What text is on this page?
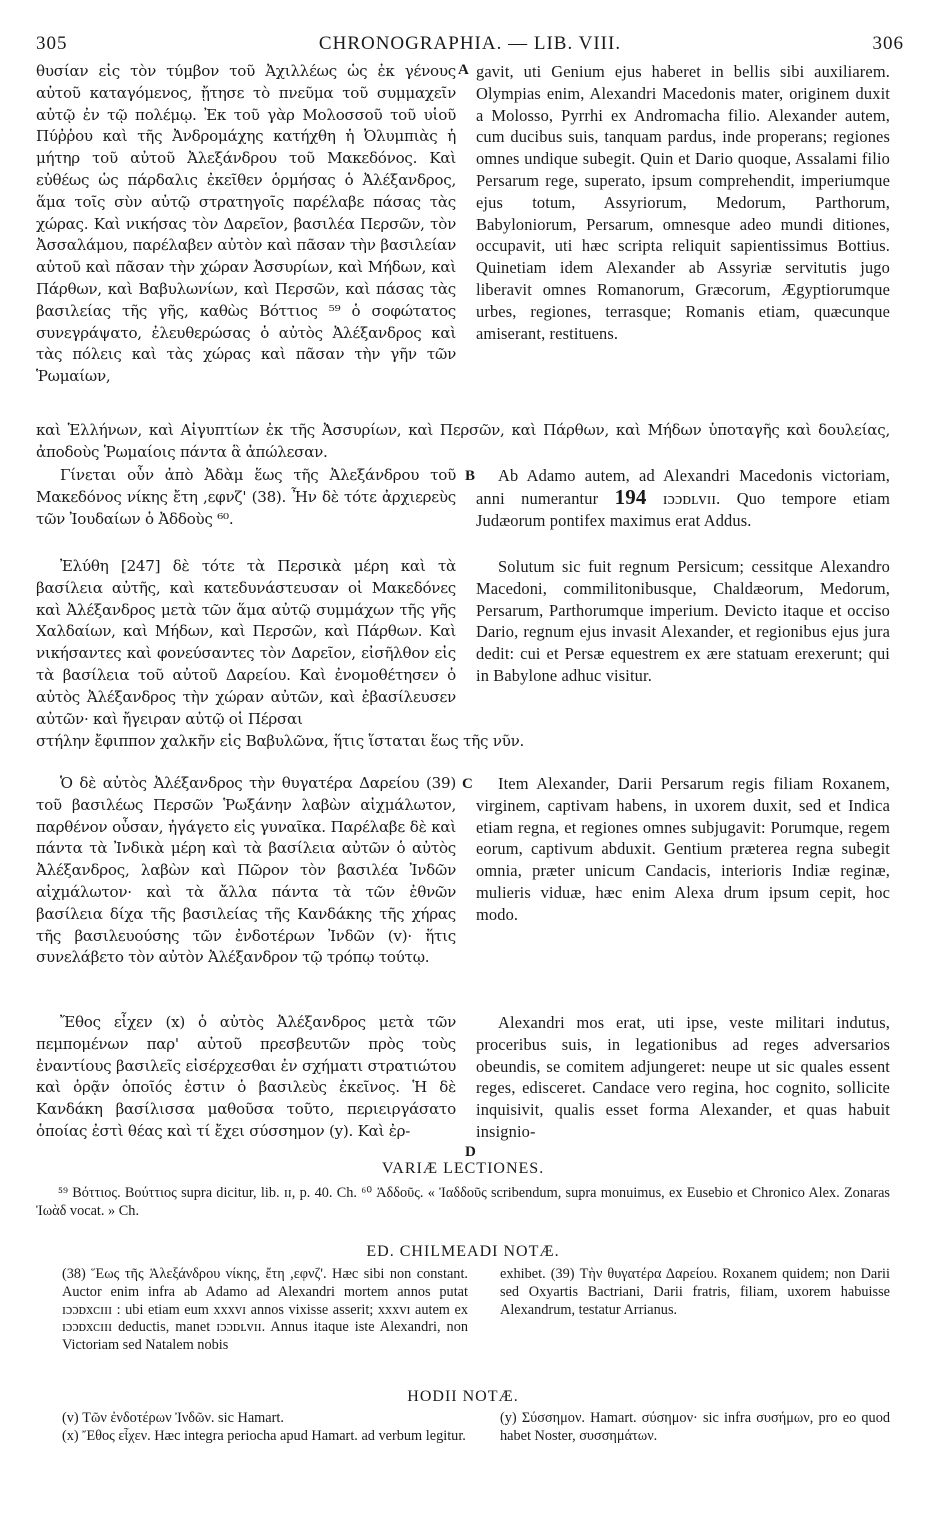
305	CHRONOGRAPHIA. — LIB. VIII.	306
θυσίαν εἰς τὸν τύμβον τοῦ Ἀχιλλέως ὡς ἐκ γένους αὐτοῦ καταγόμενος, ᾔτησε τὸ πνεῦμα τοῦ συμμαχεῖν αὐτῷ ἐν τῷ πολέμῳ. Ἐκ τοῦ γὰρ Μολοσσοῦ τοῦ υἱοῦ Πύῤῥου καὶ τῆς Ἀνδρομάχης κατήχθη ἡ Ὀλυμπιὰς ἡ μήτηρ τοῦ αὐτοῦ Ἀλεξάνδρου τοῦ Μακεδόνος. Καὶ εὐθέως ὡς πάρδαλις ἐκεῖθεν ὁρμήσας ὁ Ἀλέξανδρος, ἅμα τοῖς σὺν αὐτῷ στρατηγοῖς παρέλαβε πάσας τὰς χώρας. Καὶ νικήσας τὸν Δαρεῖον, βασιλέα Περσῶν, τὸν Ἀσσαλάμου, παρέλαβεν αὐτὸν καὶ πᾶσαν τὴν βασιλείαν αὐτοῦ καὶ πᾶσαν τὴν χώραν Ἀσσυρίων, καὶ Μήδων, καὶ Πάρθων, καὶ Βαβυλωνίων, καὶ Περσῶν, καὶ πάσας τὰς βασιλείας τῆς γῆς, καθὼς Βόττιος ⁵⁹ ὁ σοφώτατος συνεγράψατο, ἐλευθερώσας ὁ αὐτὸς Ἀλέξανδρος καὶ τὰς πόλεις καὶ τὰς χώρας καὶ πᾶσαν τὴν γῆν τῶν Ῥωμαίων,
A gavit, uti Genium ejus haberet in bellis sibi auxiliarem. Olympias enim, Alexandri Macedonis mater, originem duxit a Molosso, Pyrrhi ex Andromacha filio. Alexander autem, cum ducibus suis, tanquam pardus, inde properans; regiones omnes undique subegit. Quin et Dario quoque, Assalami filio Persarum rege, superato, ipsum comprehendit, imperiumque ejus totum, Assyriorum, Medorum, Parthorum, Babyloniorum, Persarum, omnesque adeo mundi ditiones, occupavit, uti hæc scripta reliquit sapientissimus Bottius. Quinetiam idem Alexander ab Assyriæ servitutis jugo liberavit omnes Romanorum, Græcorum, Ægyptiorumque urbes, regiones, terrasque; Romanis etiam, quæcunque amiserant, restituens.
καὶ Ἑλλήνων, καὶ Αἰγυπτίων ἐκ τῆς Ἀσσυρίων, καὶ Περσῶν, καὶ Πάρθων, καὶ Μήδων ὑποταγῆς καὶ δουλείας, ἀποδοὺς Ῥωμαίοις πάντα ἃ ἀπώλεσαν.
Γίνεται οὖν ἀπὸ Ἀδὰμ ἕως τῆς Ἀλεξάνδρου τοῦ Μακεδόνος νίκης ἔτη ,εφνζ' (38). Ἦν δὲ τότε ἀρχιερεὺς τῶν Ἰουδαίων ὁ Ἀδδοὺς ⁶⁰.
B	Ab Adamo autem, ad Alexandri Macedonis victoriam, anni numerantur 194 ɪɔɔᴅʟᴠɪɪ. Quo tempore etiam Judæorum pontifex maximus erat Addus.
Ἐλύθη [247] δὲ τότε τὰ Περσικὰ μέρη καὶ τὰ βασίλεια αὐτῆς, καὶ κατεδυνάστευσαν οἱ Μακεδόνες καὶ Ἀλέξανδρος μετὰ τῶν ἅμα αὐτῷ συμμάχων τῆς γῆς Χαλδαίων, καὶ Μήδων, καὶ Περσῶν, καὶ Πάρθων. Καὶ νικήσαντες καὶ φονεύσαντες τὸν Δαρεῖον, εἰσῆλθον εἰς τὰ βασίλεια τοῦ αὐτοῦ Δαρείου. Καὶ ἐνομοθέτησεν ὁ αὐτὸς Ἀλέξανδρος τὴν χώραν αὐτῶν, καὶ ἐβασίλευσεν αὐτῶν· καὶ ἤγειραν αὐτῷ οἱ Πέρσαι
Solutum sic fuit regnum Persicum; cessitque Alexandro Macedoni, commilitonibusque, Chaldæorum, Medorum, Persarum, Parthorumque imperium. Devicto itaque et occiso Dario, regnum ejus invasit Alexander, et regionibus ejus jura dedit: cui et Persæ equestrem ex ære statuam erexerunt; qui in Babylone adhuc visitur.
στήλην ἔφιππον χαλκῆν εἰς Βαβυλῶνα, ἥτις ἵσταται ἕως τῆς νῦν.
Ὁ δὲ αὐτὸς Ἀλέξανδρος τὴν θυγατέρα Δαρείου (39) τοῦ βασιλέως Περσῶν Ῥωξάνην λαβὼν αἰχμάλωτον, παρθένον οὖσαν, ἠγάγετο εἰς γυναῖκα. Παρέλαβε δὲ καὶ πάντα τὰ Ἰνδικὰ μέρη καὶ τὰ βασίλεια αὐτῶν ὁ αὐτὸς Ἀλέξανδρος, λαβὼν καὶ Πῶρον τὸν βασιλέα Ἰνδῶν αἰχμάλωτον· καὶ τὰ ἄλλα πάντα τὰ τῶν ἐθνῶν βασίλεια δίχα τῆς βασιλείας τῆς Κανδάκης τῆς χήρας τῆς βασιλευούσης τῶν ἐνδοτέρων Ἰνδῶν (v)· ἥτις συνελάβετο τὸν αὐτὸν Ἀλέξανδρον τῷ τρόπῳ τούτῳ.
C	Item Alexander, Darii Persarum regis filiam Roxanem, virginem, captivam habens, in uxorem duxit, sed et Indica etiam regna, et regiones omnes subjugavit: Porumque, regem eorum, captivum abduxit. Gentium præterea regna subegit omnia, præter unicum Candacis, interioris Indiæ reginæ, mulieris viduæ, hæc enim Alexa drum ipsum cepit, hoc modo.
Ἔθος εἶχεν (x) ὁ αὐτὸς Ἀλέξανδρος μετὰ τῶν πεμπομένων παρ' αὐτοῦ πρεσβευτῶν πρὸς τοὺς ἐναντίους βασιλεῖς εἰσέρχεσθαι ἐν σχήματι στρατιώτου καὶ ὁρᾷν ὁποῖός ἐστιν ὁ βασιλεὺς ἐκεῖνος. Ἡ δὲ Κανδάκη βασίλισσα μαθοῦσα τοῦτο, περιειργάσατο ὁποίας ἐστὶ θέας καὶ τί ἔχει σύσσημον (y). Καὶ ἐρ-
D
Alexandri mos erat, uti ipse, veste militari indutus, proceribus suis, in legationibus ad reges adversarios obeundis, se comitem adjungeret: neupe ut sic quales essent reges, edisceret. Candace vero regina, hoc cognito, sollicite inquisivit, qualis esset forma Alexander, et quas habuit insignio-
VARIÆ LECTIONES.
⁵⁹ Βόττιος. Βούττιος supra dicitur, lib. ɪɪ, p. 40. Ch. ⁶⁰ Ἀδδοῦς. « Ἰαδδοῦς scribendum, supra monuimus, ex Eusebio et Chronico Alex. Zonaras Ἰωὰδ vocat. » Ch.
ED. CHILMEADI NOTÆ.
(38) Ἕως τῆς Ἀλεξάνδρου νίκης, ἔτη ,εφνζ'. Hæc sibi non constant. Auctor enim infra ab Adamo ad Alexandri mortem annos putat ɪɔɔᴅxᴄɪɪɪ : ubi etiam eum xxxᴠɪ annos vixisse asserit; xxxᴠɪ autem ex ɪɔɔᴅxᴄɪɪɪ deductis, manet ɪɔɔᴅʟᴠɪɪ. Annus itaque iste Alexandri, non Victoriam sed Natalem nobis
exhibet. (39) Τὴν θυγατέρα Δαρείου. Roxanem quidem; non Darii sed Oxyartis Bactriani, Darii fratris, filiam, uxorem habuisse Alexandrum, testatur Arrianus.
HODII NOTÆ.
(v) Τῶν ἐνδοτέρων Ἰνδῶν. sic Hamart.
(x) Ἔθος εἶχεν. Hæc integra periocha apud Hamart. ad verbum legitur.
(y) Σύσσημον. Hamart. σύσημον· sic infra συσήμων, pro eo quod habet Noster, συσσημάτων.
